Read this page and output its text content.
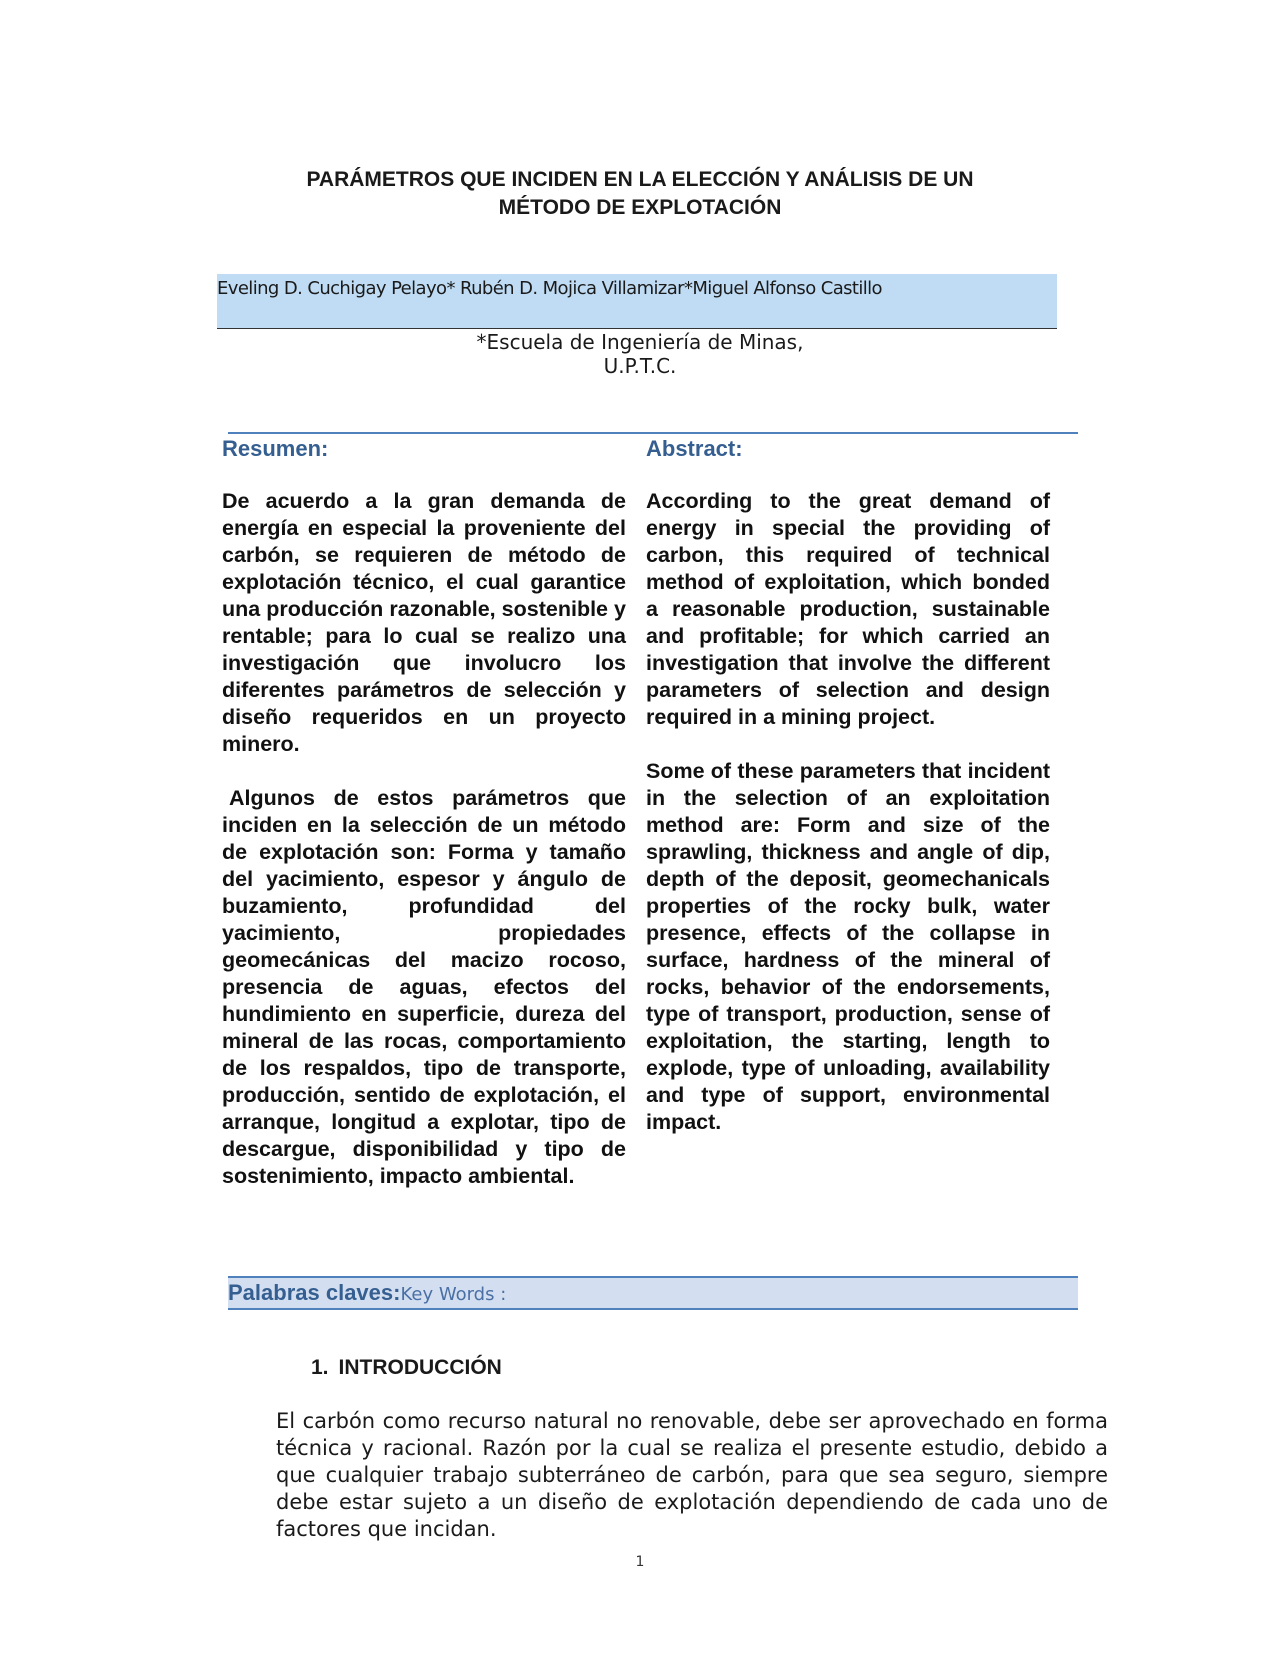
PARÁMETROS QUE INCIDEN EN LA ELECCIÓN Y ANÁLISIS DE UN
MÉTODO DE EXPLOTACIÓN
Eveling D. Cuchigay Pelayo* Rubén D. Mojica Villamizar*Miguel Alfonso Castillo
*Escuela de Ingeniería de Minas,
U.P.T.C.
Resumen:	Abstract:

De acuerdo a la gran demanda de energía en especial la proveniente del carbón, se requieren de método de explotación técnico, el cual garantice una producción razonable, sostenible y rentable; para lo cual se realizo una investigación que involucro los diferentes parámetros de selección y diseño requeridos en un proyecto minero.

Algunos de estos parámetros que inciden en la selección de un método de explotación son: Forma y tamaño del yacimiento, espesor y ángulo de buzamiento, profundidad del yacimiento, propiedades geomecánicas del macizo rocoso, presencia de aguas, efectos del hundimiento en superficie, dureza del mineral de las rocas, comportamiento de los respaldos, tipo de transporte, producción, sentido de explotación, el arranque, longitud a explotar, tipo de descargue, disponibilidad y tipo de sostenimiento, impacto ambiental.

According to the great demand of energy in special the providing of carbon, this required of technical method of exploitation, which bonded a reasonable production, sustainable and profitable; for which carried an investigation that involve the different parameters of selection and design required in a mining project.

Some of these parameters that incident in the selection of an exploitation method are: Form and size of the sprawling, thickness and angle of dip, depth of the deposit, geomechanicals properties of the rocky bulk, water presence, effects of the collapse in surface, hardness of the mineral of rocks, behavior of the endorsements, type of transport, production, sense of exploitation, the starting, length to explode, type of unloading, availability and type of support, environmental impact.

Palabras claves:Key Words :
1. INTRODUCCIÓN

El carbón como recurso natural no renovable, debe ser aprovechado en forma técnica y racional. Razón por la cual se realiza el presente estudio, debido a que cualquier trabajo subterráneo de carbón, para que sea seguro, siempre debe estar sujeto a un diseño de explotación dependiendo de cada uno de factores que incidan.

1
